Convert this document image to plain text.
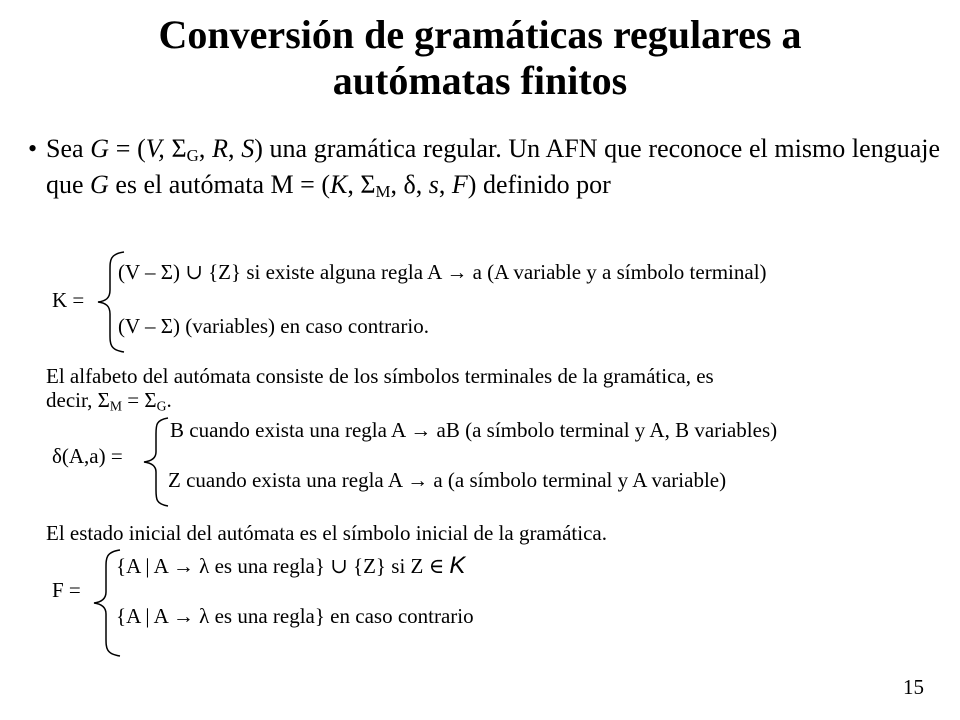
Conversión de gramáticas regulares a
autómatas finitos
• Sea G = (V, $\Sigma_G$, R, S) una gramática regular. Un AFN que reconoce el mismo lenguaje que G es el autómata M = (K, $\Sigma_M$, δ, s, F) definido por
K =
(V – Σ) ∪ {Z} si existe alguna regla A → a (A variable y a símbolo terminal)
(V – Σ) (variables) en caso contrario.
El alfabeto del autómata consiste de los símbolos terminales de la gramática, es
decir, $\Sigma_M = \Sigma_G$.
δ(A,a) =
B cuando exista una regla A → aB (a símbolo terminal y A, B variables)
Z cuando exista una regla A → a (a símbolo terminal y A variable)
El estado inicial del autómata es el símbolo inicial de la gramática.
F =
{A | A → λ es una regla} ∪ {Z} si Z ∈ K
{A | A → λ es una regla} en caso contrario
15
